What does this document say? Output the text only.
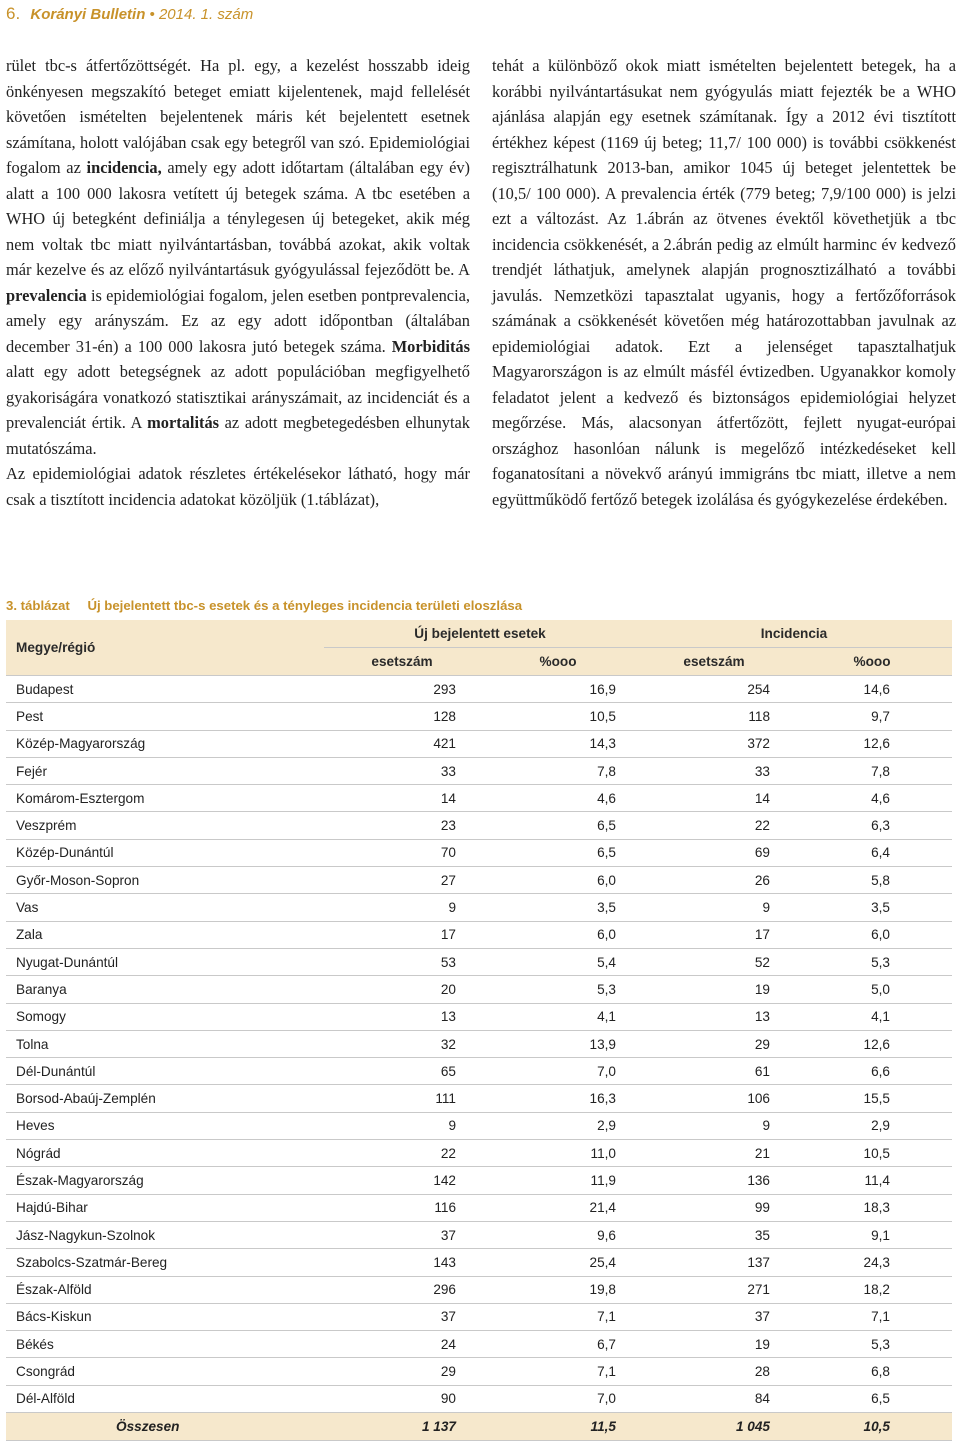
6. Korányi Bulletin • 2014. 1. szám

rület tbc-s átfertőzöttségét. Ha pl. egy, a kezelést hosszabb ideig önkényesen megszakító beteget emiatt kijelentenek, majd fellelését követően ismételten bejelentenek máris két bejelentett esetnek számítana, holott valójában csak egy betegről van szó. Epidemiológiai fogalom az incidencia, amely egy adott időtartam (általában egy év) alatt a 100 000 lakosra vetített új betegek száma. A tbc esetében a WHO új betegként definiálja a ténylegesen új betegeket, akik még nem voltak tbc miatt nyilvántartásban, továbbá azokat, akik voltak már kezelve és az előző nyilvántartásuk gyógyulással fejeződött be. A prevalencia is epidemiológiai fogalom, jelen esetben pontprevalencia, amely egy arányszám. Ez az egy adott időpontban (általában december 31-én) a 100 000 lakosra jutó betegek száma. Morbiditás alatt egy adott betegségnek az adott populációban megfigyelhető gyakoriságára vonatkozó statisztikai arányszámait, az incidenciát és a prevalenciát értik. A mortalitás az adott megbetegedésben elhunytak mutatószáma.

Az epidemiológiai adatok részletes értékelésekor látható, hogy már csak a tisztított incidencia adatokat közöljük (1.táblázat),

tehát a különböző okok miatt ismételten bejelentett betegek, ha a korábbi nyilvántartásukat nem gyógyulás miatt fejezték be a WHO ajánlása alapján egy esetnek számítanak. Így a 2012 évi tisztított értékhez képest (1169 új beteg; 11,7/ 100 000) is további csökkenést regisztrálhatunk 2013-ban, amikor 1045 új beteget jelentettek be (10,5/ 100 000). A prevalencia érték (779 beteg; 7,9/100 000) is jelzi ezt a változást. Az 1.ábrán az ötvenes évektől követhetjük a tbc incidencia csökkenését, a 2.ábrán pedig az elmúlt harminc év kedvező trendjét láthatjuk, amelynek alapján prognosztizálható a további javulás. Nemzetközi tapasztalat ugyanis, hogy a fertőzőforrások számának a csökkenését követően még határozottabban javulnak az epidemiológiai adatok. Ezt a jelenséget tapasztalhatjuk Magyarországon is az elmúlt másfél évtizedben. Ugyanakkor komoly feladatot jelent a kedvező és biztonságos epidemiológiai helyzet megőrzése. Más, alacsonyan átfertőzött, fejlett nyugat-európai országhoz hasonlóan nálunk is megelőző intézkedéseket kell foganatosítani a növekvő arányú immigráns tbc miatt, illetve a nem együttműködő fertőző betegek izolálása és gyógykezelése érdekében.

3. táblázat Új bejelentett tbc-s esetek és a tényleges incidencia területi eloszlása
Megye/régió	Új bejelentett esetek		Incidencia	
	esetszám	%ooo	esetszám	%ooo
Budapest	293	16,9	254	14,6
Pest	128	10,5	118	9,7
Közép-Magyarország	421	14,3	372	12,6
Fejér	33	7,8	33	7,8
Komárom-Esztergom	14	4,6	14	4,6
Veszprém	23	6,5	22	6,3
Közép-Dunántúl	70	6,5	69	6,4
Győr-Moson-Sopron	27	6,0	26	5,8
Vas	9	3,5	9	3,5
Zala	17	6,0	17	6,0
Nyugat-Dunántúl	53	5,4	52	5,3
Baranya	20	5,3	19	5,0
Somogy	13	4,1	13	4,1
Tolna	32	13,9	29	12,6
Dél-Dunántúl	65	7,0	61	6,6
Borsod-Abaúj-Zemplén	111	16,3	106	15,5
Heves	9	2,9	9	2,9
Nógrád	22	11,0	21	10,5
Észak-Magyarország	142	11,9	136	11,4
Hajdú-Bihar	116	21,4	99	18,3
Jász-Nagykun-Szolnok	37	9,6	35	9,1
Szabolcs-Szatmár-Bereg	143	25,4	137	24,3
Észak-Alföld	296	19,8	271	18,2
Bács-Kiskun	37	7,1	37	7,1
Békés	24	6,7	19	5,3
Csongrád	29	7,1	28	6,8
Dél-Alföld	90	7,0	84	6,5
Összesen	1 137	11,5	1 045	10,5
